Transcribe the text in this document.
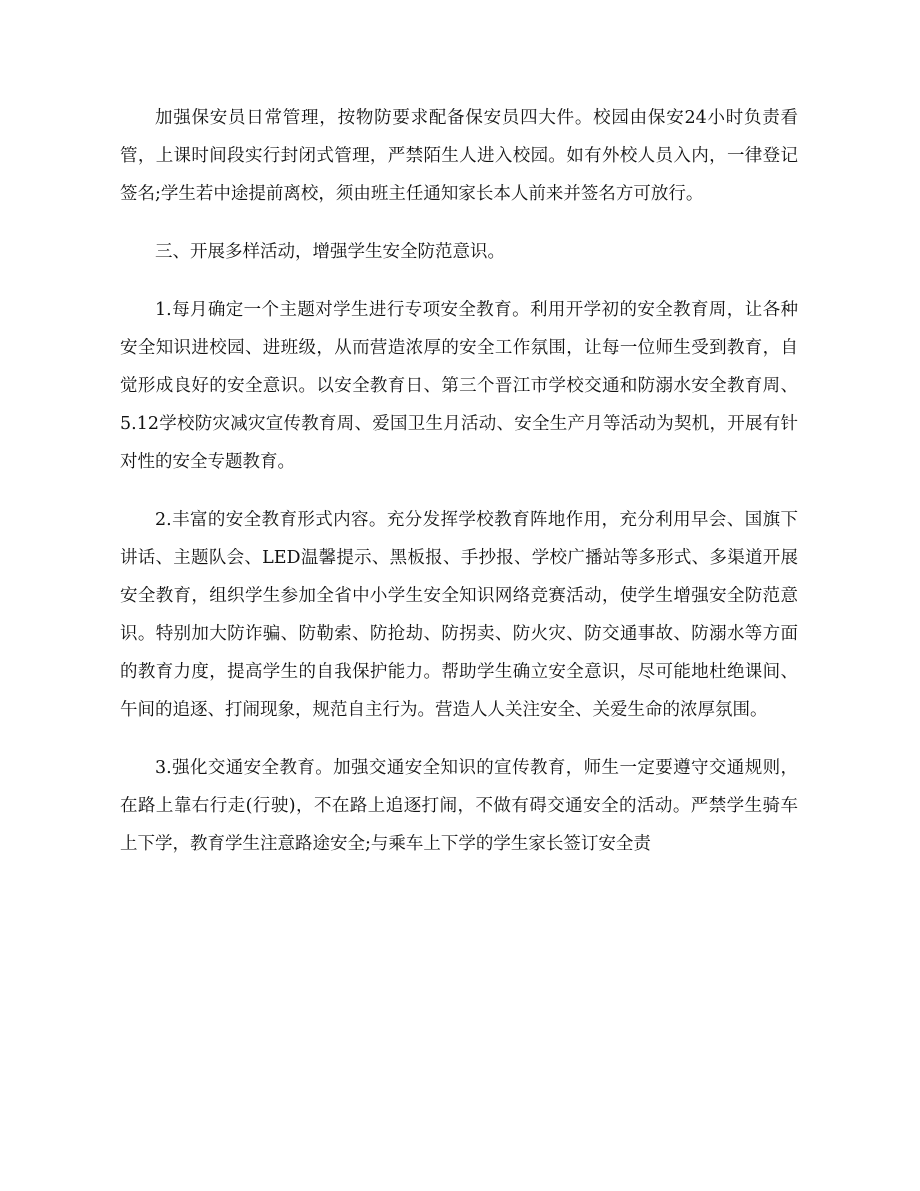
加强保安员日常管理，按物防要求配备保安员四大件。校园由保安24小时负责看管，上课时间段实行封闭式管理，严禁陌生人进入校园。如有外校人员入内，一律登记签名;学生若中途提前离校，须由班主任通知家长本人前来并签名方可放行。

三、开展多样活动，增强学生安全防范意识。

1.每月确定一个主题对学生进行专项安全教育。利用开学初的安全教育周，让各种安全知识进校园、进班级，从而营造浓厚的安全工作氛围，让每一位师生受到教育，自觉形成良好的安全意识。以安全教育日、第三个晋江市学校交通和防溺水安全教育周、5.12学校防灾减灾宣传教育周、爱国卫生月活动、安全生产月等活动为契机，开展有针对性的安全专题教育。

2.丰富的安全教育形式内容。充分发挥学校教育阵地作用，充分利用早会、国旗下讲话、主题队会、LED温馨提示、黑板报、手抄报、学校广播站等多形式、多渠道开展安全教育，组织学生参加全省中小学生安全知识网络竞赛活动，使学生增强安全防范意识。特别加大防诈骗、防勒索、防抢劫、防拐卖、防火灾、防交通事故、防溺水等方面的教育力度，提高学生的自我保护能力。帮助学生确立安全意识，尽可能地杜绝课间、午间的追逐、打闹现象，规范自主行为。营造人人关注安全、关爱生命的浓厚氛围。

3.强化交通安全教育。加强交通安全知识的宣传教育，师生一定要遵守交通规则，在路上靠右行走(行驶)，不在路上追逐打闹，不做有碍交通安全的活动。严禁学生骑车上下学，教育学生注意路途安全;与乘车上下学的学生家长签订安全责
